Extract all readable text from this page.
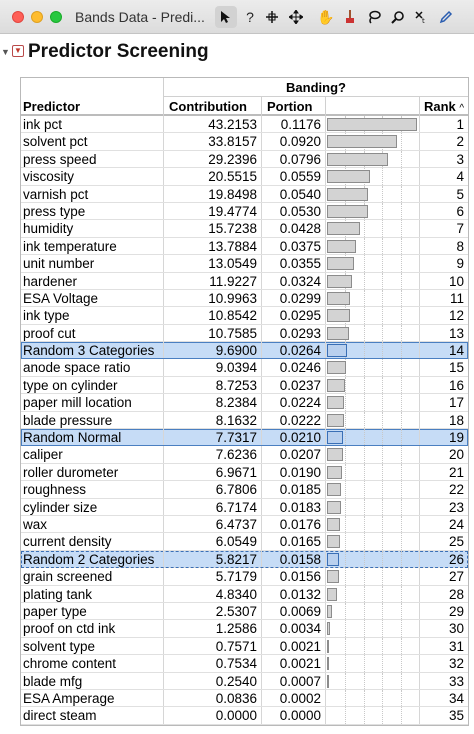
Bands Data - Predi...	?	✋	t
▼ ▼ Predictor Screening
Banding?
Predictor	Contribution	Portion	Rank ^
ink pct	43.2153	0.1176	1
solvent pct	33.8157	0.0920	2
press speed	29.2396	0.0796	3
viscosity	20.5515	0.0559	4
varnish pct	19.8498	0.0540	5
press type	19.4774	0.0530	6
humidity	15.7238	0.0428	7
ink temperature	13.7884	0.0375	8
unit number	13.0549	0.0355	9
hardener	11.9227	0.0324	10
ESA Voltage	10.9963	0.0299	11
ink type	10.8542	0.0295	12
proof cut	10.7585	0.0293	13
Random 3 Categories	9.6900	0.0264	14
anode space ratio	9.0394	0.0246	15
type on cylinder	8.7253	0.0237	16
paper mill location	8.2384	0.0224	17
blade pressure	8.1632	0.0222	18
Random Normal	7.7317	0.0210	19
caliper	7.6236	0.0207	20
roller durometer	6.9671	0.0190	21
roughness	6.7806	0.0185	22
cylinder size	6.7174	0.0183	23
wax	6.4737	0.0176	24
current density	6.0549	0.0165	25
Random 2 Categories	5.8217	0.0158	26
grain screened	5.7179	0.0156	27
plating tank	4.8340	0.0132	28
paper type	2.5307	0.0069	29
proof on ctd ink	1.2586	0.0034	30
solvent type	0.7571	0.0021	31
chrome content	0.7534	0.0021	32
blade mfg	0.2540	0.0007	33
ESA Amperage	0.0836	0.0002	34
direct steam	0.0000	0.0000	35
